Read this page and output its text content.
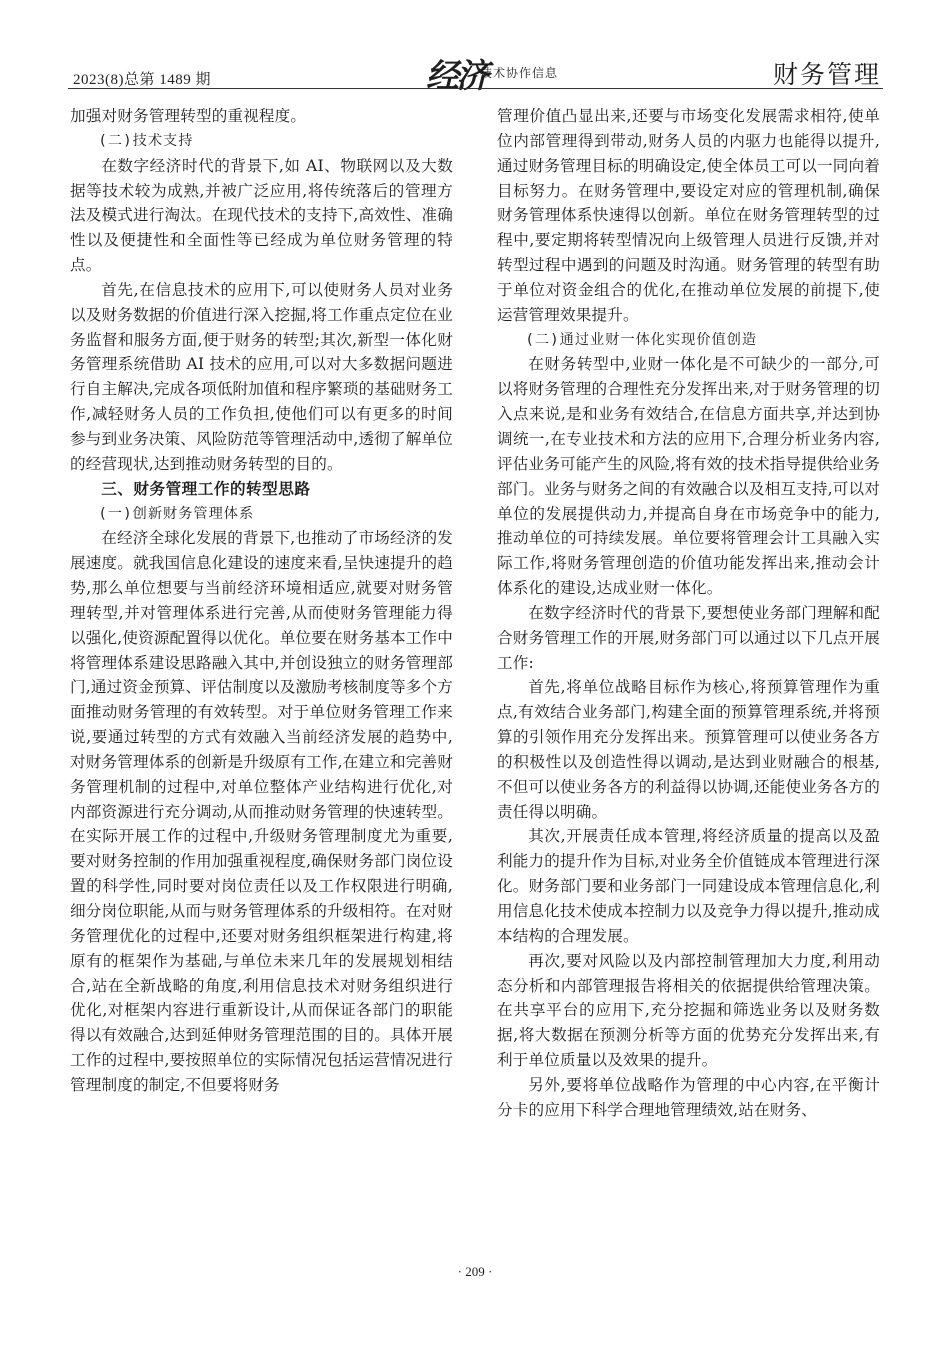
2023(8)总第 1489 期	经济
技术协作信息	财务管理

加强对财务管理转型的重视程度。

(二)技术支持

在数字经济时代的背景下,如 AI、物联网以及大数据等技术较为成熟,并被广泛应用,将传统落后的管理方法及模式进行淘汰。在现代技术的支持下,高效性、准确性以及便捷性和全面性等已经成为单位财务管理的特点。

首先,在信息技术的应用下,可以使财务人员对业务以及财务数据的价值进行深入挖掘,将工作重点定位在业务监督和服务方面,便于财务的转型;其次,新型一体化财务管理系统借助 AI 技术的应用,可以对大多数据问题进行自主解决,完成各项低附加值和程序繁琐的基础财务工作,减轻财务人员的工作负担,使他们可以有更多的时间参与到业务决策、风险防范等管理活动中,透彻了解单位的经营现状,达到推动财务转型的目的。

三、财务管理工作的转型思路
(一)创新财务管理体系

在经济全球化发展的背景下,也推动了市场经济的发展速度。就我国信息化建设的速度来看,呈快速提升的趋势,那么单位想要与当前经济环境相适应,就要对财务管理转型,并对管理体系进行完善,从而使财务管理能力得以强化,使资源配置得以优化。单位要在财务基本工作中将管理体系建设思路融入其中,并创设独立的财务管理部门,通过资金预算、评估制度以及激励考核制度等多个方面推动财务管理的有效转型。对于单位财务管理工作来说,要通过转型的方式有效融入当前经济发展的趋势中,对财务管理体系的创新是升级原有工作,在建立和完善财务管理机制的过程中,对单位整体产业结构进行优化,对内部资源进行充分调动,从而推动财务管理的快速转型。在实际开展工作的过程中,升级财务管理制度尤为重要,要对财务控制的作用加强重视程度,确保财务部门岗位设置的科学性,同时要对岗位责任以及工作权限进行明确,细分岗位职能,从而与财务管理体系的升级相符。在对财务管理优化的过程中,还要对财务组织框架进行构建,将原有的框架作为基础,与单位未来几年的发展规划相结合,站在全新战略的角度,利用信息技术对财务组织进行优化,对框架内容进行重新设计,从而保证各部门的职能得以有效融合,达到延伸财务管理范围的目的。具体开展工作的过程中,要按照单位的实际情况包括运营情况进行管理制度的制定,不但要将财务

管理价值凸显出来,还要与市场变化发展需求相符,使单位内部管理得到带动,财务人员的内驱力也能得以提升,通过财务管理目标的明确设定,使全体员工可以一同向着目标努力。在财务管理中,要设定对应的管理机制,确保财务管理体系快速得以创新。单位在财务管理转型的过程中,要定期将转型情况向上级管理人员进行反馈,并对转型过程中遇到的问题及时沟通。财务管理的转型有助于单位对资金组合的优化,在推动单位发展的前提下,使运营管理效果提升。

(二)通过业财一体化实现价值创造

在财务转型中,业财一体化是不可缺少的一部分,可以将财务管理的合理性充分发挥出来,对于财务管理的切入点来说,是和业务有效结合,在信息方面共享,并达到协调统一,在专业技术和方法的应用下,合理分析业务内容,评估业务可能产生的风险,将有效的技术指导提供给业务部门。业务与财务之间的有效融合以及相互支持,可以对单位的发展提供动力,并提高自身在市场竞争中的能力,推动单位的可持续发展。单位要将管理会计工具融入实际工作,将财务管理创造的价值功能发挥出来,推动会计体系化的建设,达成业财一体化。

在数字经济时代的背景下,要想使业务部门理解和配合财务管理工作的开展,财务部门可以通过以下几点开展工作:

首先,将单位战略目标作为核心,将预算管理作为重点,有效结合业务部门,构建全面的预算管理系统,并将预算的引领作用充分发挥出来。预算管理可以使业务各方的积极性以及创造性得以调动,是达到业财融合的根基,不但可以使业务各方的利益得以协调,还能使业务各方的责任得以明确。

其次,开展责任成本管理,将经济质量的提高以及盈利能力的提升作为目标,对业务全价值链成本管理进行深化。财务部门要和业务部门一同建设成本管理信息化,利用信息化技术使成本控制力以及竞争力得以提升,推动成本结构的合理发展。

再次,要对风险以及内部控制管理加大力度,利用动态分析和内部管理报告将相关的依据提供给管理决策。在共享平台的应用下,充分挖掘和筛选业务以及财务数据,将大数据在预测分析等方面的优势充分发挥出来,有利于单位质量以及效果的提升。

另外,要将单位战略作为管理的中心内容,在平衡计分卡的应用下科学合理地管理绩效,站在财务、

· 209 ·
